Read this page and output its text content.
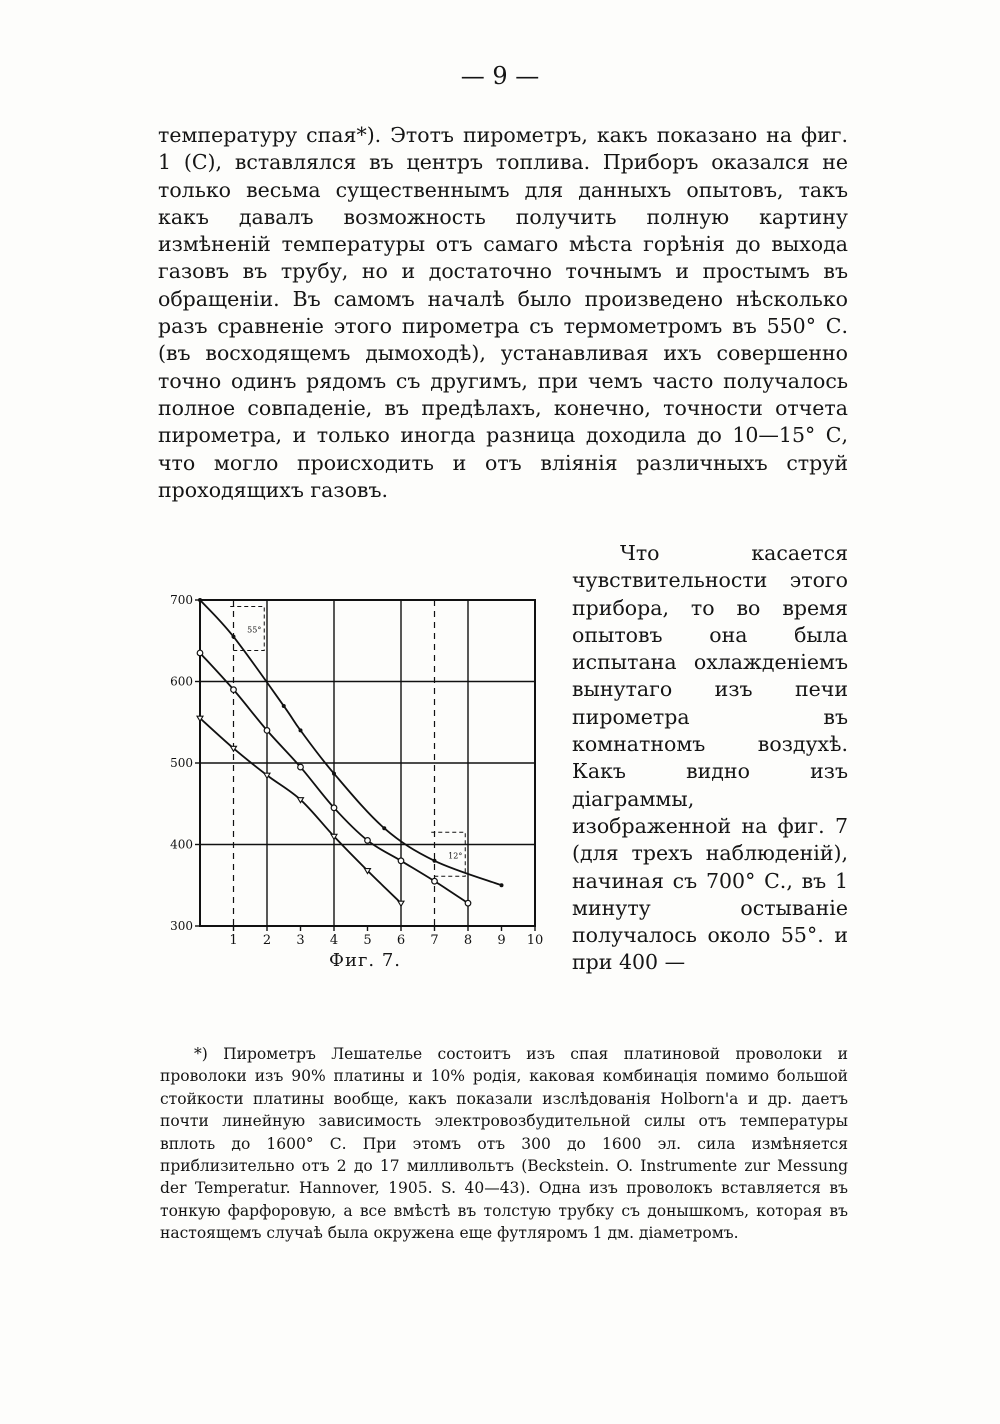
— 9 —

температуру спая*). Этотъ пирометръ, какъ показано на фиг. 1 (С), вставлялся въ центръ топлива. Приборъ оказался не только весьма существеннымъ для данныхъ опытовъ, такъ какъ давалъ возможность получить полную картину измѣненій температуры отъ самаго мѣста горѣнія до выхода газовъ въ трубу, но и достаточно точнымъ и простымъ въ обращеніи. Въ самомъ началѣ было произведено нѣсколько разъ сравненіе этого пирометра съ термометромъ въ 550° С. (въ восходящемъ дымоходѣ), устанавливая ихъ совершенно точно одинъ рядомъ съ другимъ, при чемъ часто получалось полное совпаденіе, въ предѣлахъ, конечно, точности отчета пирометра, и только иногда разница доходила до 10—15° С, что могло происходить и отъ вліянія различныхъ струй проходящихъ газовъ.

300
400
500
600
700
1 2 3 4 5 6 7 8 9 10
55°
12°
Фиг. 7.

Что касается чувствительности этого прибора, то во время опытовъ она была испытана охлажденіемъ вынутаго изъ печи пирометра въ комнатномъ воздухѣ. Какъ видно изъ діаграммы, изображенной на фиг. 7 (для трехъ наблюденій), начиная съ 700° С., въ 1 минуту остываніе получалось около 55°. и при 400 —

*) Пирометръ Лешателье состоитъ изъ спая платиновой проволоки и проволоки изъ 90% платины и 10% родія, каковая комбинація помимо большой стойкости платины вообще, какъ показали изслѣдованія Holborn'а и др. даетъ почти линейную зависимость электровозбудительной силы отъ температуры вплоть до 1600° С. При этомъ отъ 300 до 1600 эл. сила измѣняется приблизительно отъ 2 до 17 милливольтъ (Beckstein. O. Instrumente zur Messung der Temperatur. Hannover, 1905. S. 40—43). Одна изъ проволокъ вставляется въ тонкую фарфоровую, а все вмѣстѣ въ толстую трубку съ донышкомъ, которая въ настоящемъ случаѣ была окружена еще футляромъ 1 дм. діаметромъ.
